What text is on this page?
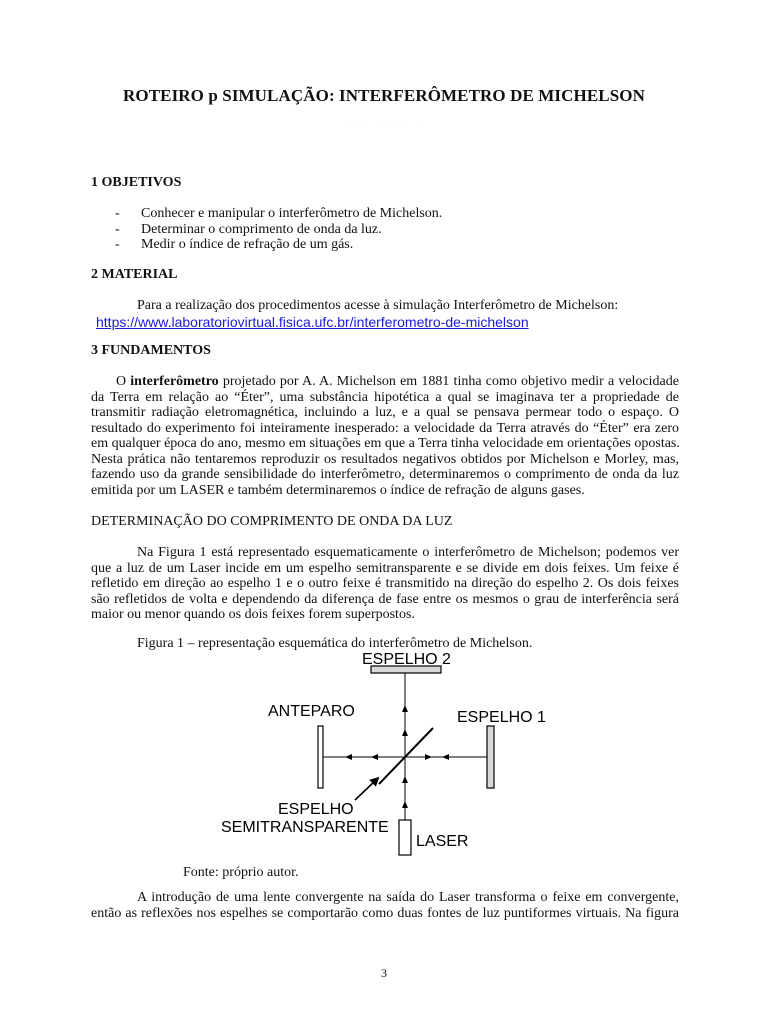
ROTEIRO p SIMULAÇÃO: INTERFERÔMETRO DE MICHELSON
· · · · · · · ·
1 OBJETIVOS
- Conhecer e manipular o interferômetro de Michelson.
- Determinar o comprimento de onda da luz.
- Medir o índice de refração de um gás.
2 MATERIAL
Para a realização dos procedimentos acesse à simulação Interferômetro de Michelson:
https://www.laboratoriovirtual.fisica.ufc.br/interferometro-de-michelson
3 FUNDAMENTOS
O interferômetro projetado por A. A. Michelson em 1881 tinha como objetivo medir a velocidade
da Terra em relação ao “Éter”, uma substância hipotética a qual se imaginava ter a propriedade de
transmitir radiação eletromagnética, incluindo a luz, e a qual se pensava permear todo o espaço. O
resultado do experimento foi inteiramente inesperado: a velocidade da Terra através do “Éter” era zero
em qualquer época do ano, mesmo em situações em que a Terra tinha velocidade em orientações opostas.
Nesta prática não tentaremos reproduzir os resultados negativos obtidos por Michelson e Morley, mas,
fazendo uso da grande sensibilidade do interferômetro, determinaremos o comprimento de onda da luz
emitida por um LASER e também determinaremos o índice de refração de alguns gases.
DETERMINAÇÃO DO COMPRIMENTO DE ONDA DA LUZ
Na Figura 1 está representado esquematicamente o interferômetro de Michelson; podemos ver
que a luz de um Laser incide em um espelho semitransparente e se divide em dois feixes. Um feixe é
refletido em direção ao espelho 1 e o outro feixe é transmitido na direção do espelho 2. Os dois feixes
são refletidos de volta e dependendo da diferença de fase entre os mesmos o grau de interferência será
maior ou menor quando os dois feixes forem superpostos.
Figura 1 – representação esquemática do interferômetro de Michelson.
ESPELHO 2
ANTEPARO	ESPELHO 1
ESPELHO
SEMITRANSPARENTE
LASER
Fonte: próprio autor.
A introdução de uma lente convergente na saída do Laser transforma o feixe em convergente,
então as reflexões nos espelhes se comportarão como duas fontes de luz puntiformes virtuais. Na figura
3
